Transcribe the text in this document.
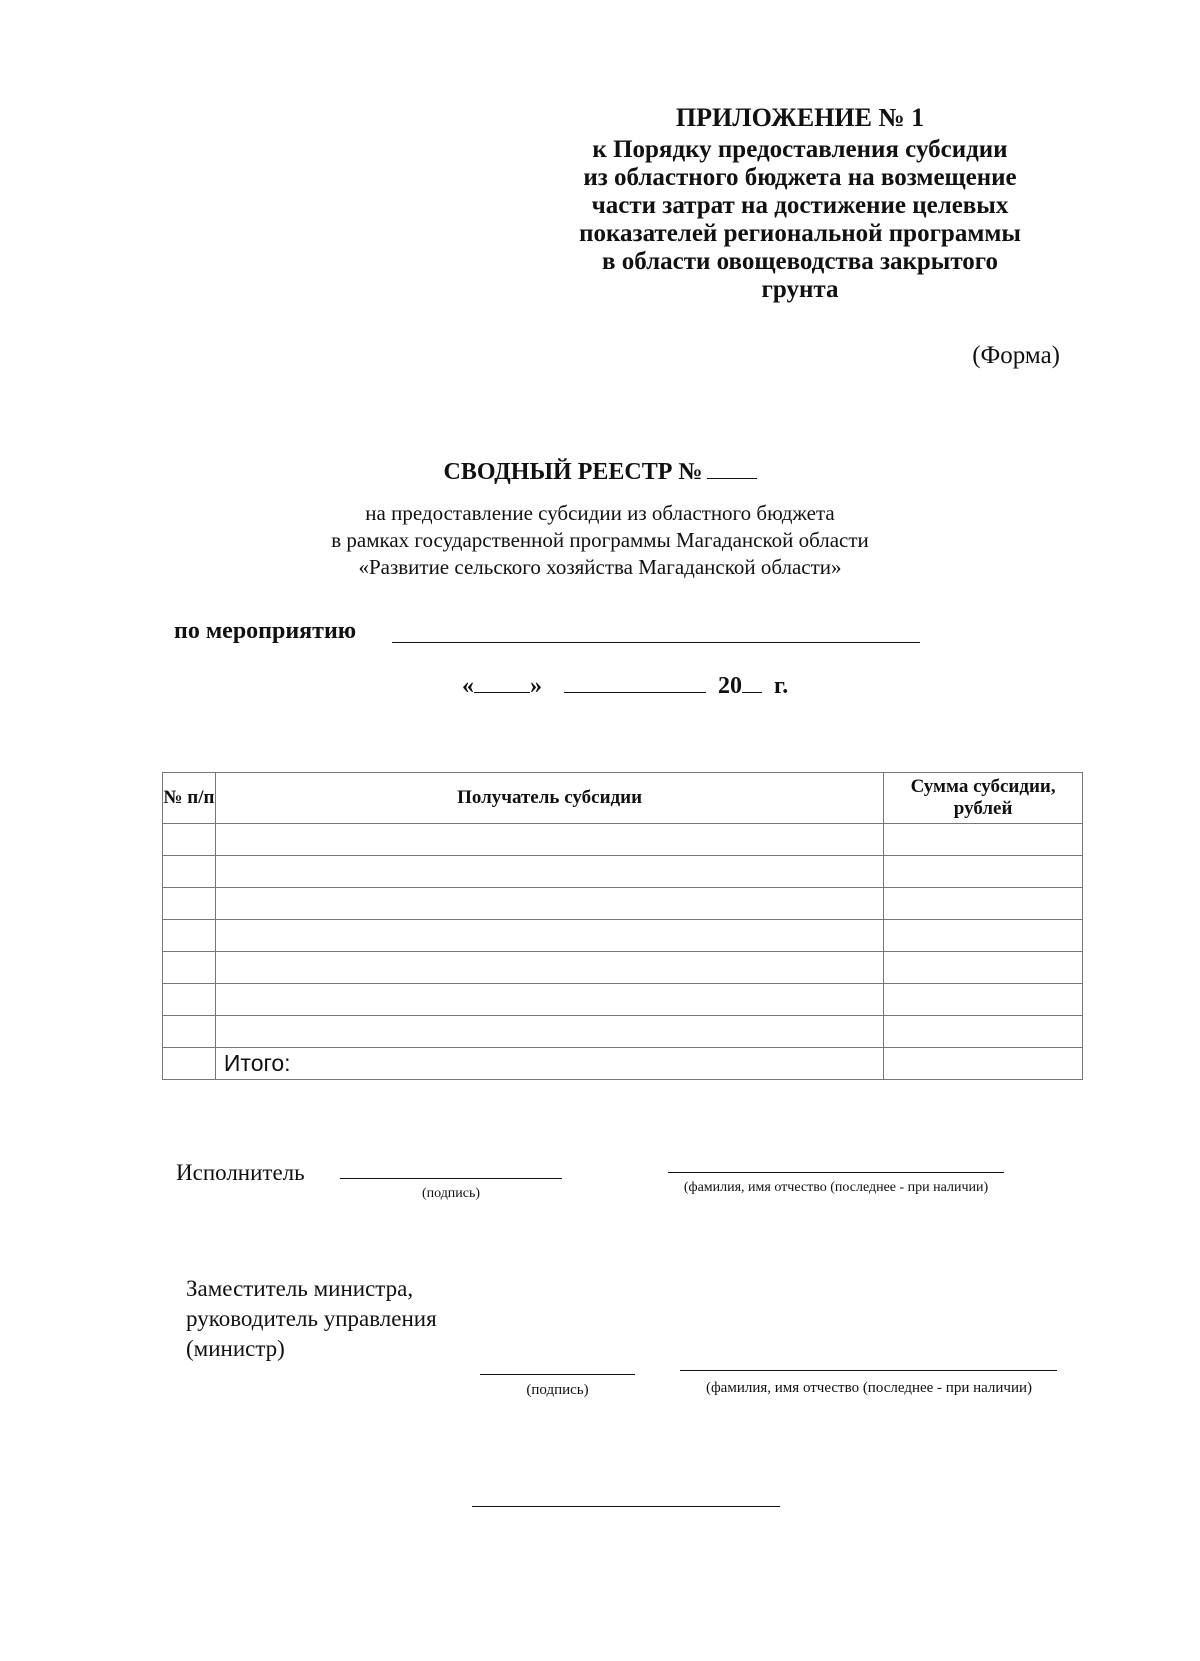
ПРИЛОЖЕНИЕ № 1
к Порядку предоставления субсидии
из областного бюджета на возмещение
части затрат на достижение целевых
показателей региональной программы
в области овощеводства закрытого
грунта
(Форма)
СВОДНЫЙ РЕЕСТР №
на предоставление субсидии из областного бюджета
в рамках государственной программы Магаданской области
«Развитие сельского хозяйства Магаданской области»
по мероприятию
« »	20 г.
№ п/п	Получатель субсидии	Сумма субсидии, рублей

	Итого:	
Исполнитель
(подпись)	(фамилия, имя отчество (последнее - при наличии)
Заместитель министра,
руководитель управления
(министр)
(подпись)	(фамилия, имя отчество (последнее - при наличии)
